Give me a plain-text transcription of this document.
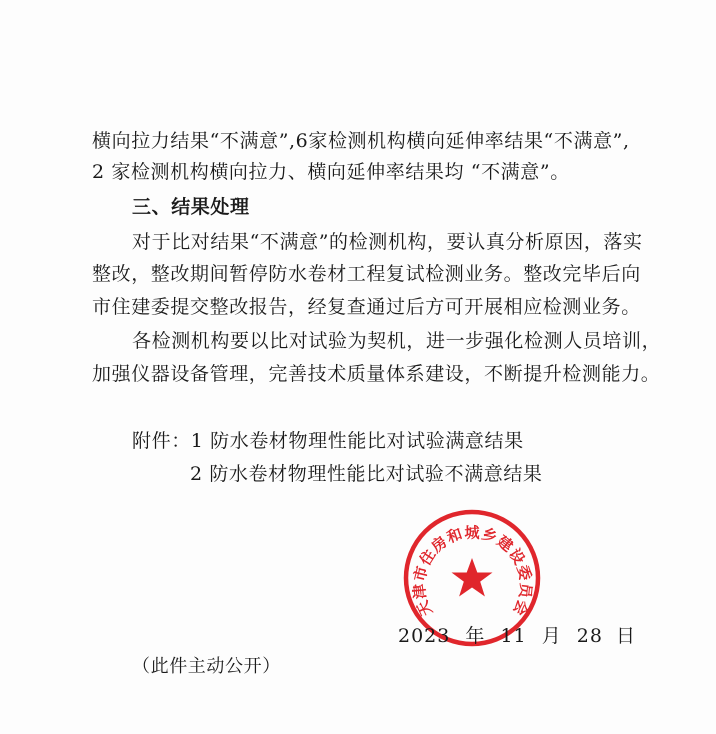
横向拉力结果“不满意”,6家检测机构横向延伸率结果“不满意”,
2 家检测机构横向拉力、横向延伸率结果均 “不满意”。
三、结果处理
对于比对结果“不满意”的检测机构，要认真分析原因，落实
整改，整改期间暂停防水卷材工程复试检测业务。整改完毕后向
市住建委提交整改报告，经复查通过后方可开展相应检测业务。
各检测机构要以比对试验为契机，进一步强化检测人员培训，
加强仪器设备管理，完善技术质量体系建设，不断提升检测能力。
附件：1 防水卷材物理性能比对试验满意结果
2 防水卷材物理性能比对试验不满意结果
天津市住房和城乡建设委员会
2023 年 11 月 28 日
（此件主动公开）
